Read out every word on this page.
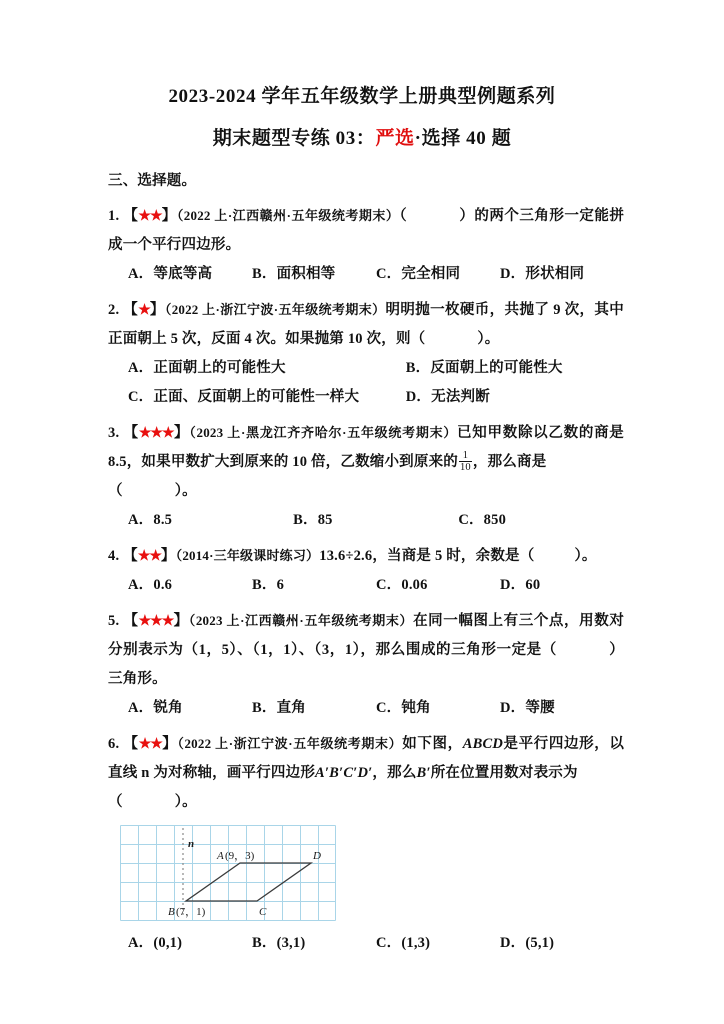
2023-2024 学年五年级数学上册典型例题系列
期末题型专练 03：严选·选择 40 题
三、选择题。
1. 【★★】（2022 上·江西赣州·五年级统考期末）（	）的两个三角形一定能拼成一个平行四边形。
A．等底等高	B．面积相等	C．完全相同	D．形状相同
2. 【★】（2022 上·浙江宁波·五年级统考期末）明明抛一枚硬币，共抛了 9 次，其中正面朝上 5 次，反面 4 次。如果抛第 10 次，则（	）。
A．正面朝上的可能性大	B．反面朝上的可能性大
C．正面、反面朝上的可能性一样大	D．无法判断
3. 【★★★】（2023 上·黑龙江齐齐哈尔·五年级统考期末）已知甲数除以乙数的商是 8.5，如果甲数扩大到原来的 10 倍，乙数缩小到原来的 $\frac{1}{10}$ ，那么商是
（	）。
A．8.5	B．85	C．850
4. 【★★】（2014·三年级课时练习）13.6÷2.6，当商是 5 时，余数是（	）。
A．0.6	B．6	C．0.06	D．60
5. 【★★★】（2023 上·江西赣州·五年级统考期末）在同一幅图上有三个点，用数对分别表示为（1，5）、（1，1）、（3，1），那么围成的三角形一定是（	）三角形。
A．锐角	B．直角	C．钝角	D．等腰
6. 【★★】（2022 上·浙江宁波·五年级统考期末）如下图，ABCD是平行四边形，以直线 n 为对称轴，画平行四边形A′B′C′D′，那么B′所在位置用数对表示为
（	）。
n
A (9，3)	D
B (7，1)	C
A．(0,1)	B．(3,1)	C．(1,3)	D．(5,1)
